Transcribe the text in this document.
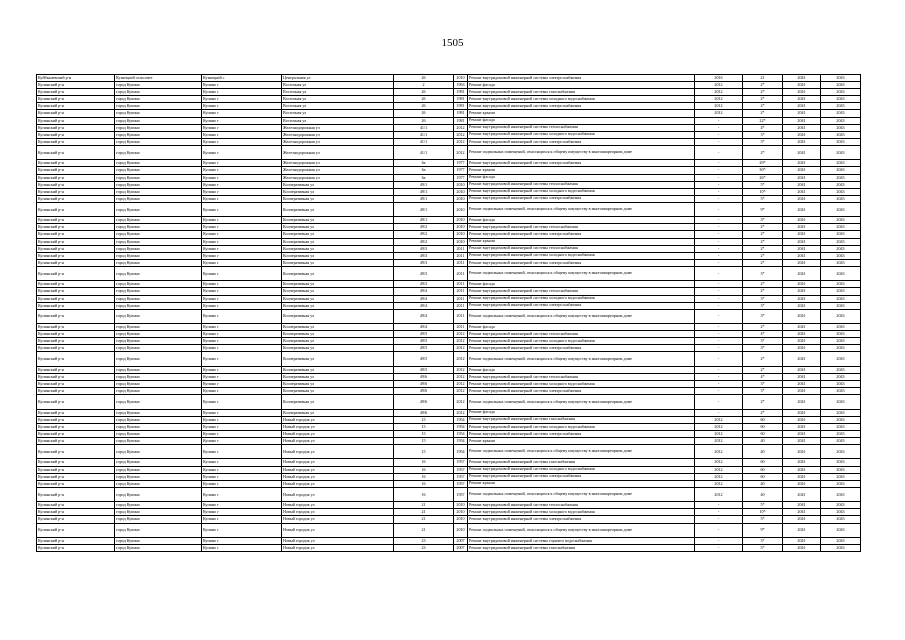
1505
Куйбышевский р-н	Кузнецкий сельсовет	Кузнецкий с	Центральная ул	26	2010	Ремонт внутридомовой инженерной системы электроснабжения	2016	21	2041	2043
Купинский р-н	город Купино	Купино г	Восточная ул	2	1963	Ремонт фасада	2012	2*	2041	2043
Купинский р-н	город Купино	Купино г	Восточная ул	26	1981	Ремонт внутридомовой инженерной системы газоснабжения	2012	2*	2041	2043
Купинский р-н	город Купино	Купино г	Восточная ул	26	1981	Ремонт внутридомовой инженерной системы холодного водоснабжения	2012	2*	2041	2043
Купинский р-н	город Купино	Купино г	Восточная ул	26	1981	Ремонт внутридомовой инженерной системы электроснабжения	2012	2*	2041	2043
Купинский р-н	город Купино	Купино г	Восточная ул	26	1981	Ремонт крыши	2012	2*	2041	2043
Купинский р-н	город Купино	Купино г	Восточная ул	26	1981	Ремонт фасада	-	22*	2041	2043
Купинский р-н	город Купино	Купино г	Железнодорожная ул	41/1	2012	Ремонт внутридомовой инженерной системы теплоснабжения	-	4*	2041	2043
Купинский р-н	город Купино	Купино г	Железнодорожная ул	41/1	2012	Ремонт внутридомовой инженерной системы холодного водоснабжения	-	3*	2041	2043
Купинский р-н	город Купино	Купино г	Железнодорожная ул	41/1	2012	Ремонт внутридомовой инженерной системы электроснабжения	-	3*	2041	2043
Купинский р-н	город Купино	Купино г	Железнодорожная ул	41/1	2012	Ремонт подвальных помещений, относящихся к общему имуществу в многоквартирном доме	-	2*	2041	2043
Купинский р-н	город Купино	Купино г	Железнодорожная ул	6а	1977	Ремонт внутридомовой инженерной системы электроснабжения	-	29*	2041	2043
Купинский р-н	город Купино	Купино г	Железнодорожная ул	6а	1977	Ремонт крыши	-	30*	2041	2043
Купинский р-н	город Купино	Купино г	Железнодорожная ул	6а	1977	Ремонт фасада	-	26*	2041	2043
Купинский р-н	город Купино	Купино г	Кооперативная ул	49/1	2010	Ремонт внутридомовой инженерной системы теплоснабжения	-	5*	2041	2043
Купинский р-н	город Купино	Купино г	Кооперативная ул	49/1	2010	Ремонт внутридомовой инженерной системы холодного водоснабжения	-	10*	2041	2043
Купинский р-н	город Купино	Купино г	Кооперативная ул	49/1	2010	Ремонт внутридомовой инженерной системы электроснабжения	-	5*	2041	2043
Купинский р-н	город Купино	Купино г	Кооперативная ул	49/1	2010	Ремонт подвальных помещений, относящихся к общему имуществу в многоквартирном доме	-	9*	2041	2043
Купинский р-н	город Купино	Купино г	Кооперативная ул	49/1	2010	Ремонт фасада	-	3*	2041	2043
Купинский р-н	город Купино	Купино г	Кооперативная ул	49/2	2010	Ремонт внутридомовой инженерной системы теплоснабжения	-	2*	2041	2043
Купинский р-н	город Купино	Купино г	Кооперативная ул	49/2	2010	Ремонт внутридомовой инженерной системы электроснабжения	-	2*	2041	2043
Купинский р-н	город Купино	Купино г	Кооперативная ул	49/2	2010	Ремонт крыши	-	2*	2041	2043
Купинский р-н	город Купино	Купино г	Кооперативная ул	49/3	2011	Ремонт внутридомовой инженерной системы теплоснабжения	-	2*	2041	2043
Купинский р-н	город Купино	Купино г	Кооперативная ул	49/3	2011	Ремонт внутридомовой инженерной системы холодного водоснабжения	-	2*	2041	2043
Купинский р-н	город Купино	Купино г	Кооперативная ул	49/3	2011	Ремонт внутридомовой инженерной системы электроснабжения	-	2*	2041	2043
Купинский р-н	город Купино	Купино г	Кооперативная ул	49/3	2011	Ремонт подвальных помещений, относящихся к общему имуществу в многоквартирном доме	-	3*	2041	2043
Купинский р-н	город Купино	Купино г	Кооперативная ул	49/3	2011	Ремонт фасада	-	2*	2041	2043
Купинский р-н	город Купино	Купино г	Кооперативная ул	49/4	2011	Ремонт внутридомовой инженерной системы теплоснабжения	-	2*	2041	2043
Купинский р-н	город Купино	Купино г	Кооперативная ул	49/4	2011	Ремонт внутридомовой инженерной системы холодного водоснабжения	-	3*	2041	2043
Купинский р-н	город Купино	Купино г	Кооперативная ул	49/4	2011	Ремонт внутридомовой инженерной системы электроснабжения	-	3*	2041	2043
Купинский р-н	город Купино	Купино г	Кооперативная ул	49/4	2011	Ремонт подвальных помещений, относящихся к общему имуществу в многоквартирном доме	-	3*	2041	2043
Купинский р-н	город Купино	Купино г	Кооперативная ул	49/4	2011	Ремонт фасада	-	2*	2041	2043
Купинский р-н	город Купино	Купино г	Кооперативная ул	49/5	2012	Ремонт внутридомовой инженерной системы теплоснабжения	-	4*	2041	2043
Купинский р-н	город Купино	Купино г	Кооперативная ул	49/5	2012	Ремонт внутридомовой инженерной системы холодного водоснабжения	-	3*	2041	2043
Купинский р-н	город Купино	Купино г	Кооперативная ул	49/5	2012	Ремонт внутридомовой инженерной системы электроснабжения	-	3*	2041	2043
Купинский р-н	город Купино	Купино г	Кооперативная ул	49/5	2012	Ремонт подвальных помещений, относящихся к общему имуществу в многоквартирном доме	-	2*	2041	2043
Купинский р-н	город Купино	Купино г	Кооперативная ул	49/5	2012	Ремонт фасада	-	2*	2041	2043
Купинский р-н	город Купино	Купино г	Кооперативная ул	49/6	2012	Ремонт внутридомовой инженерной системы теплоснабжения	-	4*	2041	2043
Купинский р-н	город Купино	Купино г	Кооперативная ул	49/6	2012	Ремонт внутридомовой инженерной системы холодного водоснабжения	-	3*	2041	2043
Купинский р-н	город Купино	Купино г	Кооперативная ул	49/6	2012	Ремонт внутридомовой инженерной системы электроснабжения	-	3*	2041	2043
Купинский р-н	город Купино	Купино г	Кооперативная ул	49/6	2012	Ремонт подвальных помещений, относящихся к общему имуществу в многоквартирном доме	-	2*	2041	2043
Купинский р-н	город Купино	Купино г	Кооперативная ул	49/6	2012	Ремонт фасада	-	2*	2041	2043
Купинский р-н	город Купино	Купино г	Новый городок ул	15	1954	Ремонт внутридомовой инженерной системы газоснабжения	2012	60	2041	2043
Купинский р-н	город Купино	Купино г	Новый городок ул	15	1954	Ремонт внутридомовой инженерной системы холодного водоснабжения	2012	60	2041	2043
Купинский р-н	город Купино	Купино г	Новый городок ул	15	1954	Ремонт внутридомовой инженерной системы электроснабжения	2012	60	2041	2043
Купинский р-н	город Купино	Купино г	Новый городок ул	15	1954	Ремонт крыши	2012	40	2041	2043
Купинский р-н	город Купино	Купино г	Новый городок ул	15	1954	Ремонт подвальных помещений, относящихся к общему имуществу в многоквартирном доме	2012	40	2041	2043
Купинский р-н	город Купино	Купино г	Новый городок ул	16	1957	Ремонт внутридомовой инженерной системы газоснабжения	2012	60	2041	2043
Купинский р-н	город Купино	Купино г	Новый городок ул	16	1957	Ремонт внутридомовой инженерной системы холодного водоснабжения	2012	60	2041	2043
Купинский р-н	город Купино	Купино г	Новый городок ул	16	1957	Ремонт внутридомовой инженерной системы электроснабжения	2012	60	2041	2043
Купинский р-н	город Купино	Купино г	Новый городок ул	16	1957	Ремонт крыши	2012	40	2041	2043
Купинский р-н	город Купино	Купино г	Новый городок ул	16	1957	Ремонт подвальных помещений, относящихся к общему имуществу в многоквартирном доме	2012	40	2041	2043
Купинский р-н	город Купино	Купино г	Новый городок ул	21	2010	Ремонт внутридомовой инженерной системы теплоснабжения	-	5*	2041	2043
Купинский р-н	город Купино	Купино г	Новый городок ул	21	2010	Ремонт внутридомовой инженерной системы холодного водоснабжения	-	10*	2041	2043
Купинский р-н	город Купино	Купино г	Новый городок ул	21	2010	Ремонт внутридомовой инженерной системы электроснабжения	-	5*	2041	2043
Купинский р-н	город Купино	Купино г	Новый городок ул	21	2010	Ремонт подвальных помещений, относящихся к общему имуществу в многоквартирном доме	-	9*	2041	2043
Купинский р-н	город Купино	Купино г	Новый городок ул	23	2007	Ремонт внутридомовой инженерной системы горячего водоснабжения	-	3*	2041	2043
Купинский р-н	город Купино	Купино г	Новый городок ул	23	2007	Ремонт внутридомовой инженерной системы газоснабжения	-	5*	2041	2043
